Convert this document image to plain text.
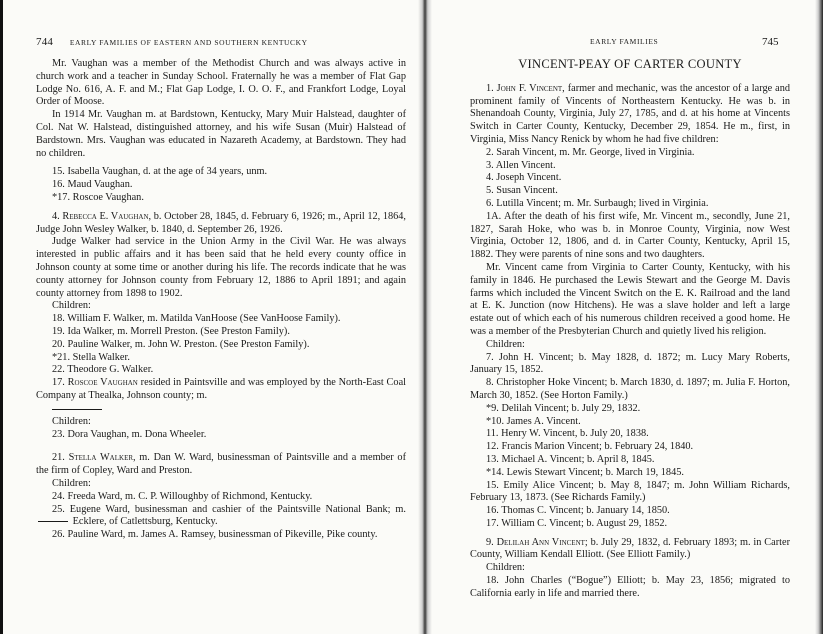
744 EARLY FAMILIES OF EASTERN AND SOUTHERN KENTUCKY	EARLY FAMILIES	745

Mr. Vaughan was a member of the Methodist Church and was always active in church work and a teacher in Sunday School. Fraternally he was a member of Flat Gap Lodge No. 616, A. F. and M.; Flat Gap Lodge, I. O. O. F., and Frankfort Lodge, Loyal Order of Moose.

In 1914 Mr. Vaughan m. at Bardstown, Kentucky, Mary Muir Halstead, daughter of Col. Nat W. Halstead, distinguished attorney, and his wife Susan (Muir) Halstead of Bardstown. Mrs. Vaughan was educated in Nazareth Academy, at Bardstown. They had no children.

15. Isabella Vaughan, d. at the age of 34 years, unm.

16. Maud Vaughan.

*17. Roscoe Vaughan.

4. Rebecca E. Vaughan, b. October 28, 1845, d. February 6, 1926; m., April 12, 1864, Judge John Wesley Walker, b. 1840, d. September 26, 1926.

Judge Walker had service in the Union Army in the Civil War. He was always interested in public affairs and it has been said that he held every county office in Johnson county at some time or another during his life. The records indicate that he was county attorney for Johnson county from February 12, 1886 to April 1891; and again county attorney from 1898 to 1902.

Children:

18. William F. Walker, m. Matilda VanHoose (See VanHoose Family).

19. Ida Walker, m. Morrell Preston. (See Preston Family).

20. Pauline Walker, m. John W. Preston. (See Preston Family).

*21. Stella Walker.

22. Theodore G. Walker.

17. Roscoe Vaughan resided in Paintsville and was employed by the North-East Coal Company at Thealka, Johnson county; m.

Children:

23. Dora Vaughan, m. Dona Wheeler.

21. Stella Walker, m. Dan W. Ward, businessman of Paintsville and a member of the firm of Copley, Ward and Preston.

Children:

24. Freeda Ward, m. C. P. Willoughby of Richmond, Kentucky.

25. Eugene Ward, businessman and cashier of the Paintsville National Bank; m.  Ecklere, of Catlettsburg, Kentucky.

26. Pauline Ward, m. James A. Ramsey, businessman of Pikeville, Pike county.

VINCENT-PEAY OF CARTER COUNTY

1. John F. Vincent, farmer and mechanic, was the ancestor of a large and prominent family of Vincents of Northeastern Kentucky. He was b. in Shenandoah County, Virginia, July 27, 1785, and d. at his home at Vincents Switch in Carter County, Kentucky, December 29, 1854. He m., first, in Virginia, Miss Nancy Renick by whom he had five children:

2. Sarah Vincent, m. Mr. George, lived in Virginia.

3. Allen Vincent.

4. Joseph Vincent.

5. Susan Vincent.

6. Lutilla Vincent; m. Mr. Surbaugh; lived in Virginia.

1A. After the death of his first wife, Mr. Vincent m., secondly, June 21, 1827, Sarah Hoke, who was b. in Monroe County, Virginia, now West Virginia, October 12, 1806, and d. in Carter County, Kentucky, April 15, 1882. They were parents of nine sons and two daughters.

Mr. Vincent came from Virginia to Carter County, Kentucky, with his family in 1846. He purchased the Lewis Stewart and the George M. Davis farms which included the Vincent Switch on the E. K. Railroad and the land at E. K. Junction (now Hitchens). He was a slave holder and left a large estate out of which each of his numerous children received a good home. He was a member of the Presbyterian Church and quietly lived his religion.

Children:

7. John H. Vincent; b. May 1828, d. 1872; m. Lucy Mary Roberts, January 15, 1852.

8. Christopher Hoke Vincent; b. March 1830, d. 1897; m. Julia F. Horton, March 30, 1852. (See Horton Family.)

*9. Delilah Vincent; b. July 29, 1832.

*10. James A. Vincent.

11. Henry W. Vincent, b. July 20, 1838.

12. Francis Marion Vincent; b. February 24, 1840.

13. Michael A. Vincent; b. April 8, 1845.

*14. Lewis Stewart Vincent; b. March 19, 1845.

15. Emily Alice Vincent; b. May 8, 1847; m. John William Richards, February 13, 1873. (See Richards Family.)

16. Thomas C. Vincent; b. January 14, 1850.

17. William C. Vincent; b. August 29, 1852.

9. Delilah Ann Vincent; b. July 29, 1832, d. February 1893; m. in Carter County, William Kendall Elliott. (See Elliott Family.)

Children:

18. John Charles (“Bogue”) Elliott; b. May 23, 1856; migrated to California early in life and married there.
